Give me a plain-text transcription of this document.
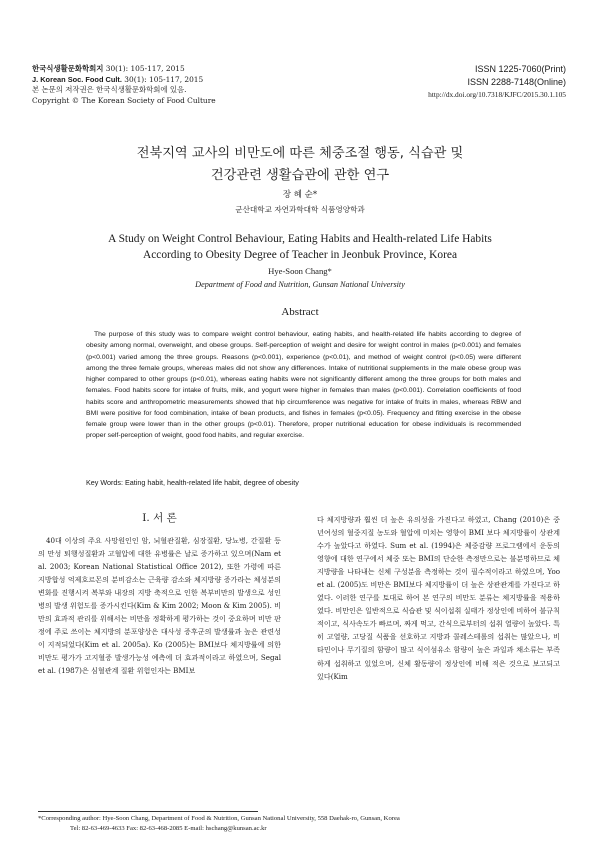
한국식생활문화학회지 30(1): 105-117, 2015
J. Korean Soc. Food Cult. 30(1): 105-117, 2015
본 논문의 저작권은 한국식생활문화학회에 있음.
Copyright © The Korean Society of Food Culture
ISSN 1225-7060(Print)
ISSN 2288-7148(Online)
http://dx.doi.org/10.7318/KJFC/2015.30.1.105
전북지역 교사의 비만도에 따른 체중조절 행동, 식습관 및
건강관련 생활습관에 관한 연구
장 혜 순*
군산대학교 자연과학대학 식품영양학과
A Study on Weight Control Behaviour, Eating Habits and Health-related Life Habits
According to Obesity Degree of Teacher in Jeonbuk Province, Korea
Hye-Soon Chang*
Department of Food and Nutrition, Gunsan National University
Abstract
The purpose of this study was to compare weight control behaviour, eating habits, and health-related life habits according to degree of obesity among normal, overweight, and obese groups. Self-perception of weight and desire for weight control in males (p<0.001) and females (p<0.001) varied among the three groups. Reasons (p<0.001), experience (p<0.01), and method of weight control (p<0.05) were different among the three female groups, whereas males did not show any differences. Intake of nutritional supplements in the male obese group was higher compared to other groups (p<0.01), whereas eating habits were not significantly different among the three groups for both males and females. Food habits score for intake of fruits, milk, and yogurt were higher in females than males (p<0.001). Correlation coefficients of food habits score and anthropometric measurements showed that hip circumference was negative for intake of fruits in males, whereas RBW and BMI were positive for food combination, intake of bean products, and fishes in females (p<0.05). Frequency and fitting exercise in the obese female group were lower than in the other groups (p<0.01). Therefore, proper nutritional education for obese individuals is recommended proper self-perception of weight, good food habits, and regular exercise.
Key Words: Eating habit, health-related life habit, degree of obesity
Ⅰ. 서 론

40대 이상의 주요 사망원인인 암, 뇌혈관질환, 심장질환, 당뇨병, 간질환 등의 만성 퇴행성질환과 고혈압에 대한 유병률은 날로 증가하고 있으며(Nam et al. 2003; Korean National Statistical Office 2012), 또한 가령에 따른 지방합성 억제호르몬의 분비감소는 근육량 감소와 체지방량 증가라는 체성분의 변화를 진행시켜 복부와 내장의 지방 축적으로 인한 복부비만의 발생으로 성인병의 발생 위험도를 증가시킨다(Kim & Kim 2002; Moon & Kim 2005). 비만의 효과적 관리를 위해서는 비만을 정확하게 평가하는 것이 중요하며 비만 판정에 주로 쓰이는 체지방의 분포양상은 대사성 증후군의 발생률과 높은 관련성이 지적되었다(Kim et al. 2005a). Ko (2005)는 BMI보다 체지방률에 의한 비만도 평가가 고지혈증 발생가능성 예측에 더 효과적이라고 하였으며, Segal et al. (1987)은 심혈관계 질환 위험인자는 BMI보

다 체지방량과 훨씬 더 높은 유의성을 가진다고 하였고, Chang (2010)은 중년여성의 혈중지질 농도와 혈압에 미치는 영향이 BMI 보다 체지방률이 상관계수가 높았다고 하였다. Sum et al. (1994)은 체중감량 프로그램에서 운동의 영향에 대한 연구에서 체중 또는 BMI의 단순한 측정만으로는 불분명하므로 체지방량을 나타내는 신체 구성분을 측정하는 것이 필수적이라고 하였으며, Yoo et al. (2005)도 비만은 BMI보다 체지방률이 더 높은 상관관계를 가진다고 하였다. 이러한 연구를 토대로 하여 본 연구의 비만도 분류는 체지방률을 적용하였다. 비만인은 일반적으로 식습관 및 식이섭취 실태가 정상인에 비하여 불규칙적이고, 식사속도가 빠르며, 짜게 먹고, 간식으로부터의 섭취 열량이 높았다. 특히 고열량, 고당질 식품을 선호하고 지방과 콜레스테롤의 섭취는 많았으나, 비타민이나 무기질의 함량이 많고 식이섬유소 함량이 높은 과일과 채소류는 부족하게 섭취하고 있었으며, 신체 활동량이 정상인에 비해 적은 것으로 보고되고 있다(Kim

*Corresponding author: Hye-Soon Chang, Department of Food & Nutrition, Gunsan National University, 558 Daehak-ro, Gunsan, Korea
Tel: 82-63-469-4633 Fax: 82-63-468-2085 E-mail: hschang@kunsan.ac.kr
